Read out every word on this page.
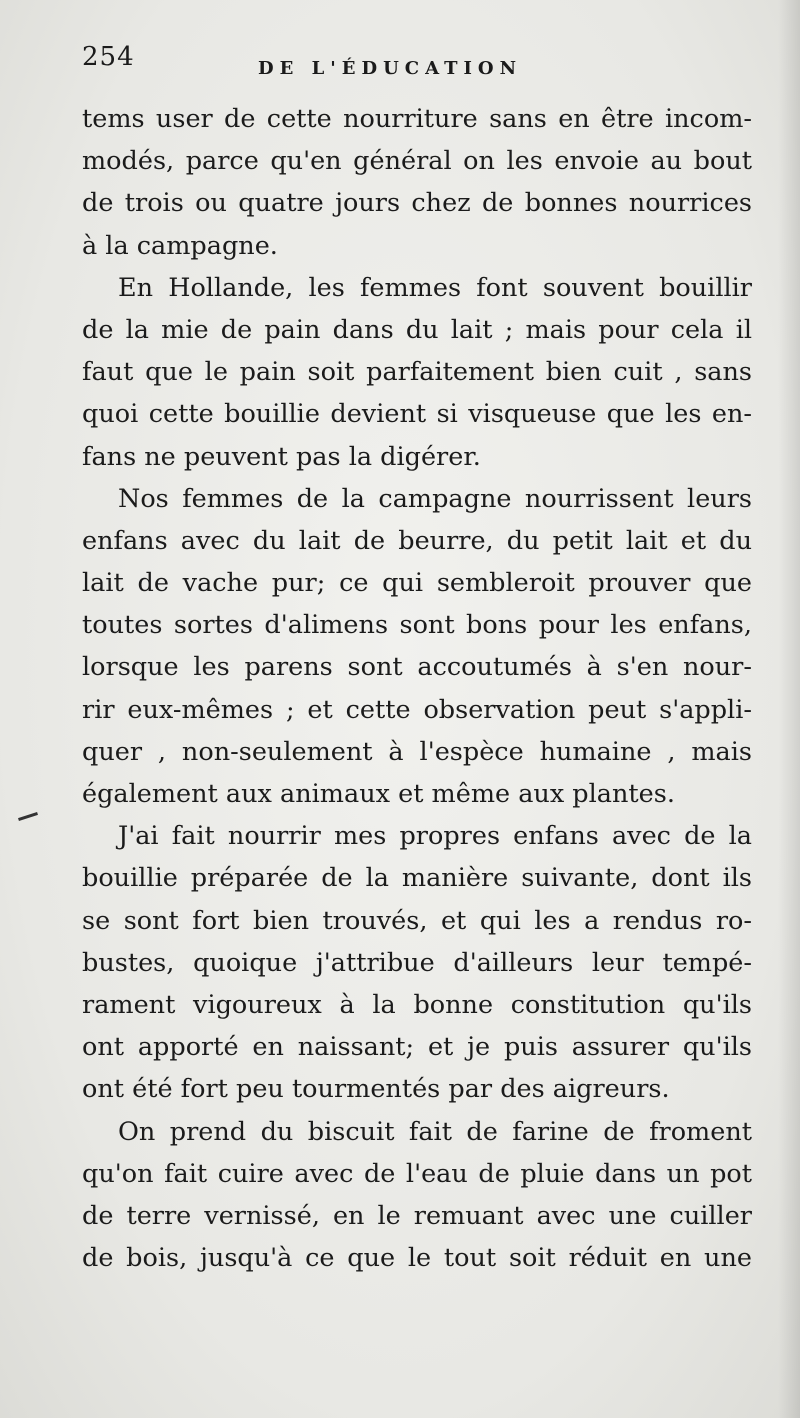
254	DE L'ÉDUCATION
tems user de cette nourriture sans en être incom-
modés, parce qu'en général on les envoie au bout
de trois ou quatre jours chez de bonnes nourrices
à la campagne.
En Hollande, les femmes font souvent bouillir
de la mie de pain dans du lait ; mais pour cela il
faut que le pain soit parfaitement bien cuit , sans
quoi cette bouillie devient si visqueuse que les en-
fans ne peuvent pas la digérer.
Nos femmes de la campagne nourrissent leurs
enfans avec du lait de beurre, du petit lait et du
lait de vache pur; ce qui sembleroit prouver que
toutes sortes d'alimens sont bons pour les enfans,
lorsque les parens sont accoutumés à s'en nour-
rir eux-mêmes ; et cette observation peut s'appli-
quer , non-seulement à l'espèce humaine , mais
également aux animaux et même aux plantes.
J'ai fait nourrir mes propres enfans avec de la
bouillie préparée de la manière suivante, dont ils
se sont fort bien trouvés, et qui les a rendus ro-
bustes, quoique j'attribue d'ailleurs leur tempé-
rament vigoureux à la bonne constitution qu'ils
ont apporté en naissant; et je puis assurer qu'ils
ont été fort peu tourmentés par des aigreurs.
On prend du biscuit fait de farine de froment
qu'on fait cuire avec de l'eau de pluie dans un pot
de terre vernissé, en le remuant avec une cuiller
de bois, jusqu'à ce que le tout soit réduit en une
